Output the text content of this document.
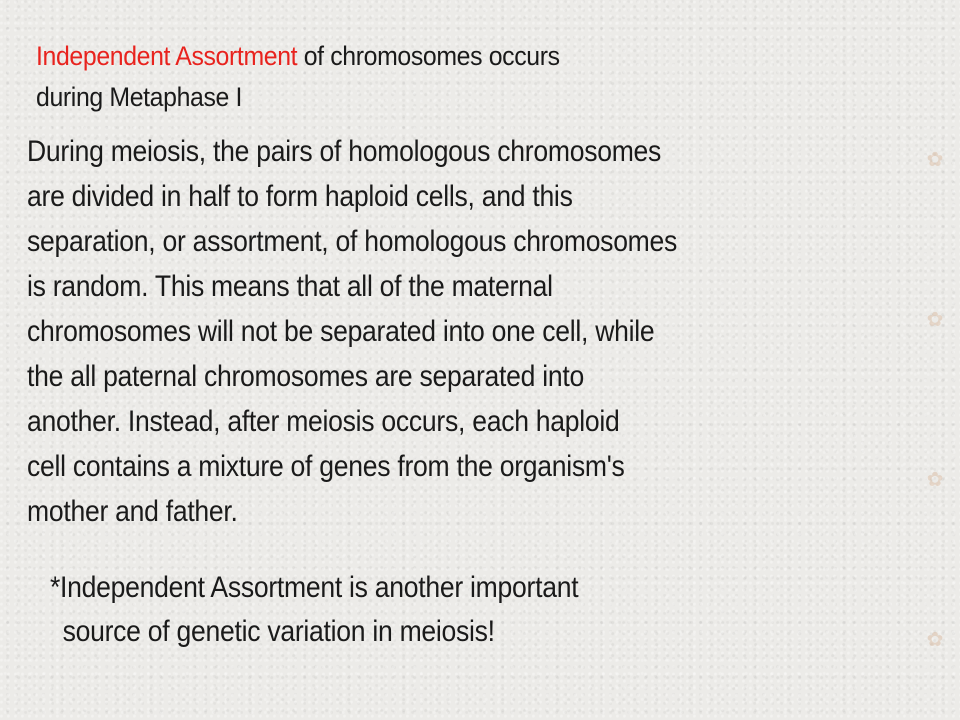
Independent Assortment of chromosomes occurs
during Metaphase I

During meiosis, the pairs of homologous chromosomes
are divided in half to form haploid cells, and this
separation, or assortment, of homologous chromosomes
is random. This means that all of the maternal
chromosomes will not be separated into one cell, while
the all paternal chromosomes are separated into
another. Instead, after meiosis occurs, each haploid
cell contains a mixture of genes from the organism's
mother and father.

*Independent Assortment is another important
source of genetic variation in meiosis!

✿
✿
✿
✿
